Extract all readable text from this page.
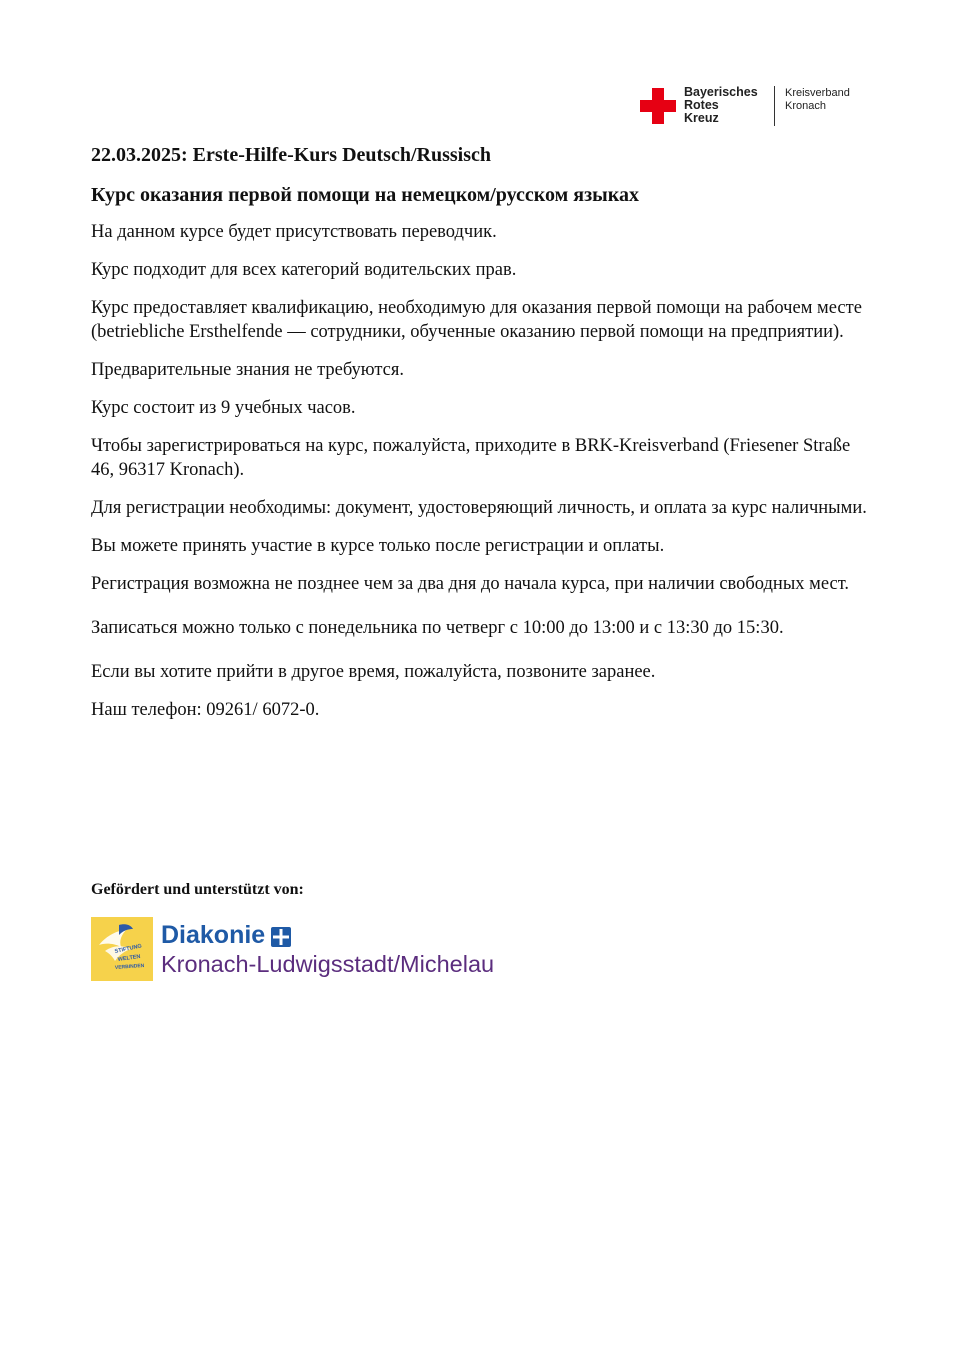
Bayerisches
Rotes
Kreuz
Kreisverband
Kronach
22.03.2025: Erste-Hilfe-Kurs Deutsch/Russisch
Курс оказания первой помощи на немецком/русском языках

На данном курсе будет присутствовать переводчик.

Курс подходит для всех категорий водительских прав.

Курс предоставляет квалификацию, необходимую для оказания первой помощи на рабочем месте (betriebliche Ersthelfende — сотрудники, обученные оказанию первой помощи на предприятии).

Предварительные знания не требуются.

Курс состоит из 9 учебных часов.

Чтобы зарегистрироваться на курс, пожалуйста, приходите в BRK-Kreisverband (Friesener Straße 46, 96317 Kronach).

Для регистрации необходимы: документ, удостоверяющий личность, и оплата за курс наличными.

Вы можете принять участие в курсе только после регистрации и оплаты.

Регистрация возможна не позднее чем за два дня до начала курса, при наличии свободных мест.

Записаться можно только с понедельника по четверг с 10:00 до 13:00 и с 13:30 до 15:30.

Если вы хотите прийти в другое время, пожалуйста, позвоните заранее.

Наш телефон: 09261/ 6072-0.

Gefördert und unterstützt von:
STIFTUNG
WELTEN
VERBINDEN
Diakonie
Kronach-Ludwigsstadt/Michelau
